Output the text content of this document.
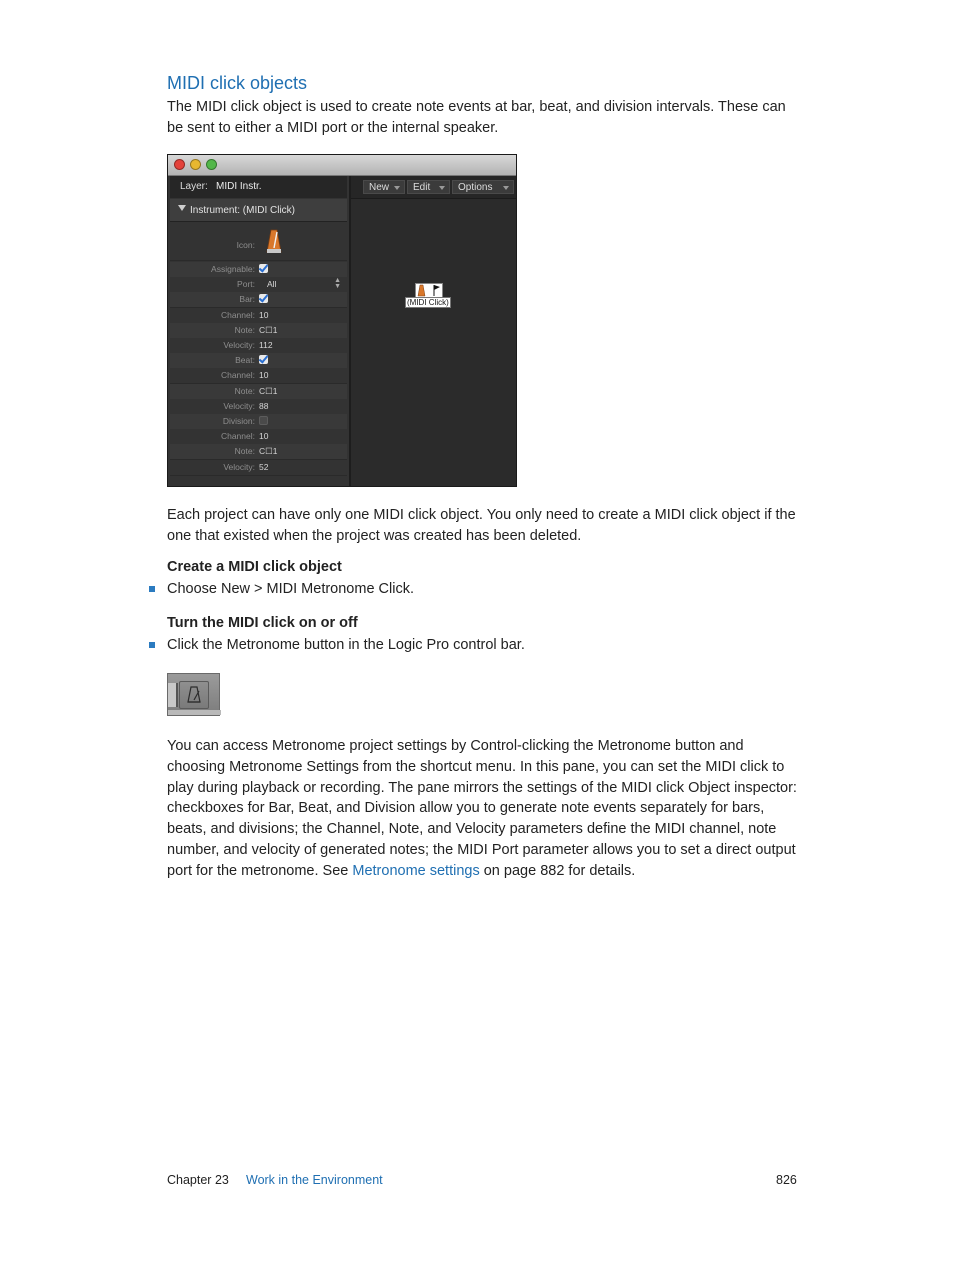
MIDI click objects
The MIDI click object is used to create note events at bar, beat, and division intervals. These can be sent to either a MIDI port or the internal speaker.
Layer: MIDI Instr.
Instrument: (MIDI Click)
Icon:
Assignable:
Port: All	▲
▼
Bar:
Channel: 10
Note: C☐1
Velocity: 112
Beat:
Channel: 10
Note: C☐1
Velocity: 88
Division:
Channel: 10
Note: C☐1
Velocity: 52
New	Edit	Options
(MIDI Click)
Each project can have only one MIDI click object. You only need to create a MIDI click object if the one that existed when the project was created has been deleted.
Create a MIDI click object
Choose New > MIDI Metronome Click.
Turn the MIDI click on or off
Click the Metronome button in the Logic Pro control bar.
You can access Metronome project settings by Control-clicking the Metronome button and choosing Metronome Settings from the shortcut menu. In this pane, you can set the MIDI click to play during playback or recording. The pane mirrors the settings of the MIDI click Object inspector: checkboxes for Bar, Beat, and Division allow you to generate note events separately for bars, beats, and divisions; the Channel, Note, and Velocity parameters define the MIDI channel, note number, and velocity of generated notes; the MIDI Port parameter allows you to set a direct output port for the metronome. See Metronome settings on page 882 for details.
Chapter 23 Work in the Environment	826
